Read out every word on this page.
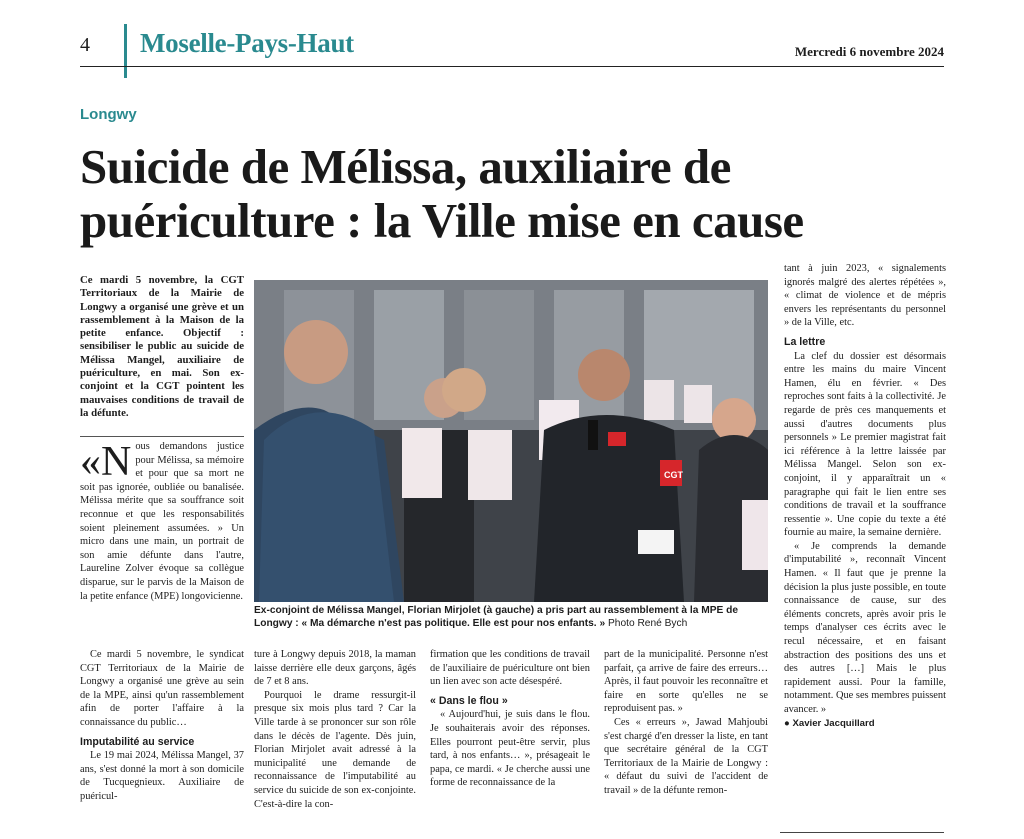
4 Moselle-Pays-Haut	Mercredi 6 novembre 2024
Longwy
Suicide de Mélissa, auxiliaire de puériculture : la Ville mise en cause

Ce mardi 5 novembre, la CGT Territoriaux de la Mairie de Longwy a organisé une grève et un rassemblement à la Maison de la petite enfance. Objectif : sensibiliser le public au suicide de Mélissa Mangel, auxiliaire de puériculture, en mai. Son ex-conjoint et la CGT pointent les mauvaises conditions de travail de la défunte.

«N ous demandons justice pour Mélissa, sa mémoire et pour que sa mort ne soit pas ignorée, oubliée ou banalisée. Mélissa mérite que sa souffrance soit reconnue et que les responsabilités soient pleinement assumées. » Un micro dans une main, un portrait de son amie défunte dans l'autre, Laureline Zolver évoque sa collègue disparue, sur le parvis de la Maison de la petite enfance (MPE) longovicienne.
CGT
Ex-conjoint de Mélissa Mangel, Florian Mirjolet (à gauche) a pris part au rassemblement à la MPE de Longwy : « Ma démarche n'est pas politique. Elle est pour nos enfants. » Photo René Bych

Ce mardi 5 novembre, le syndicat CGT Territoriaux de la Mairie de Longwy a organisé une grève au sein de la MPE, ainsi qu'un rassemblement afin de porter l'affaire à la connaissance du public…

Imputabilité au service

Le 19 mai 2024, Mélissa Mangel, 37 ans, s'est donné la mort à son domicile de Tucquegnieux. Auxiliaire de puéricul-

ture à Longwy depuis 2018, la maman laisse derrière elle deux garçons, âgés de 7 et 8 ans.

Pourquoi le drame ressurgit-il presque six mois plus tard ? Car la Ville tarde à se prononcer sur son rôle dans le décès de l'agente. Dès juin, Florian Mirjolet avait adressé à la municipalité une demande de reconnaissance de l'imputabilité au service du suicide de son ex-conjointe. C'est-à-dire la con-

firmation que les conditions de travail de l'auxiliaire de puériculture ont bien un lien avec son acte désespéré.

« Dans le flou »

« Aujourd'hui, je suis dans le flou. Je souhaiterais avoir des réponses. Elles pourront peut-être servir, plus tard, à nos enfants… », présageait le papa, ce mardi. « Je cherche aussi une forme de reconnaissance de la

part de la municipalité. Personne n'est parfait, ça arrive de faire des erreurs… Après, il faut pouvoir les reconnaître et faire en sorte qu'elles ne se reproduisent pas. »

Ces « erreurs », Jawad Mahjoubi s'est chargé d'en dresser la liste, en tant que secrétaire général de la CGT Territoriaux de la Mairie de Longwy : « défaut du suivi de l'accident de travail » de la défunte remon-

tant à juin 2023, « signalements ignorés malgré des alertes répétées », « climat de violence et de mépris envers les représentants du personnel » de la Ville, etc.

La lettre

La clef du dossier est désormais entre les mains du maire Vincent Hamen, élu en février. « Des reproches sont faits à la collectivité. Je regarde de près ces manquements et aussi d'autres documents plus personnels » Le premier magistrat fait ici référence à la lettre laissée par Mélissa Mangel. Selon son ex-conjoint, il y apparaîtrait un « paragraphe qui fait le lien entre ses conditions de travail et la souffrance ressentie ». Une copie du texte a été fournie au maire, la semaine dernière.

« Je comprends la demande d'imputabilité », reconnaît Vincent Hamen. « Il faut que je prenne la décision la plus juste possible, en toute connaissance de cause, sur des éléments concrets, après avoir pris le temps d'analyser ces écrits avec le recul nécessaire, et en faisant abstraction des positions des uns et des autres […] Mais le plus rapidement aussi. Pour la famille, notamment. Que ses membres puissent avancer. »

● Xavier Jacquillard
